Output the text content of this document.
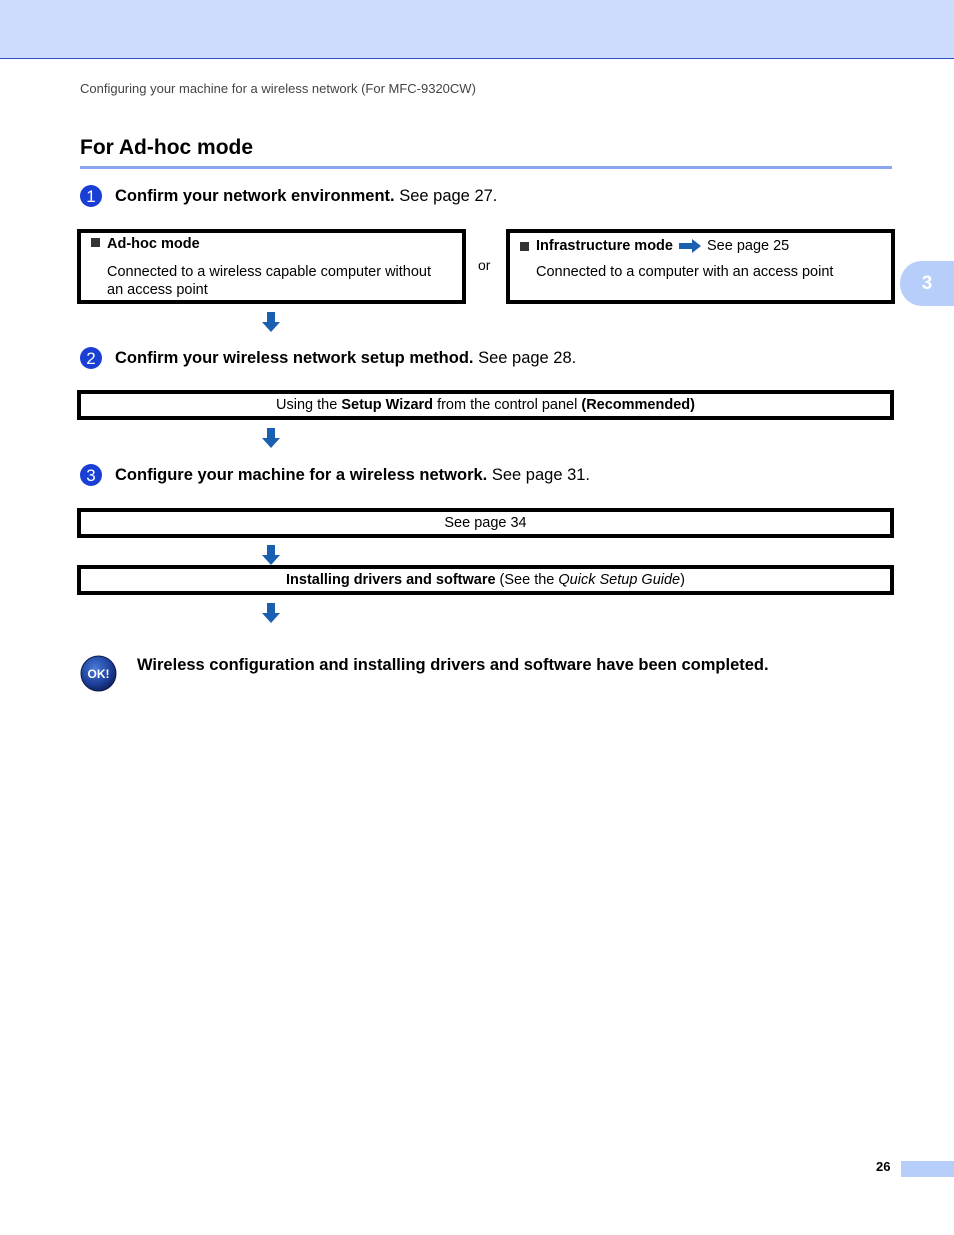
Configuring your machine for a wireless network (For MFC-9320CW)
For Ad-hoc mode
3
1	Confirm your network environment. See page 27.
Ad-hoc mode
Connected to a wireless capable computer without
an access point
or
Infrastructure mode See page 25
Connected to a computer with an access point
2	Confirm your wireless network setup method. See page 28.
Using the Setup Wizard from the control panel (Recommended)
3	Configure your machine for a wireless network. See page 31.
See page 34
Installing drivers and software (See the Quick Setup Guide)
OK! Wireless configuration and installing drivers and software have been completed.
26
